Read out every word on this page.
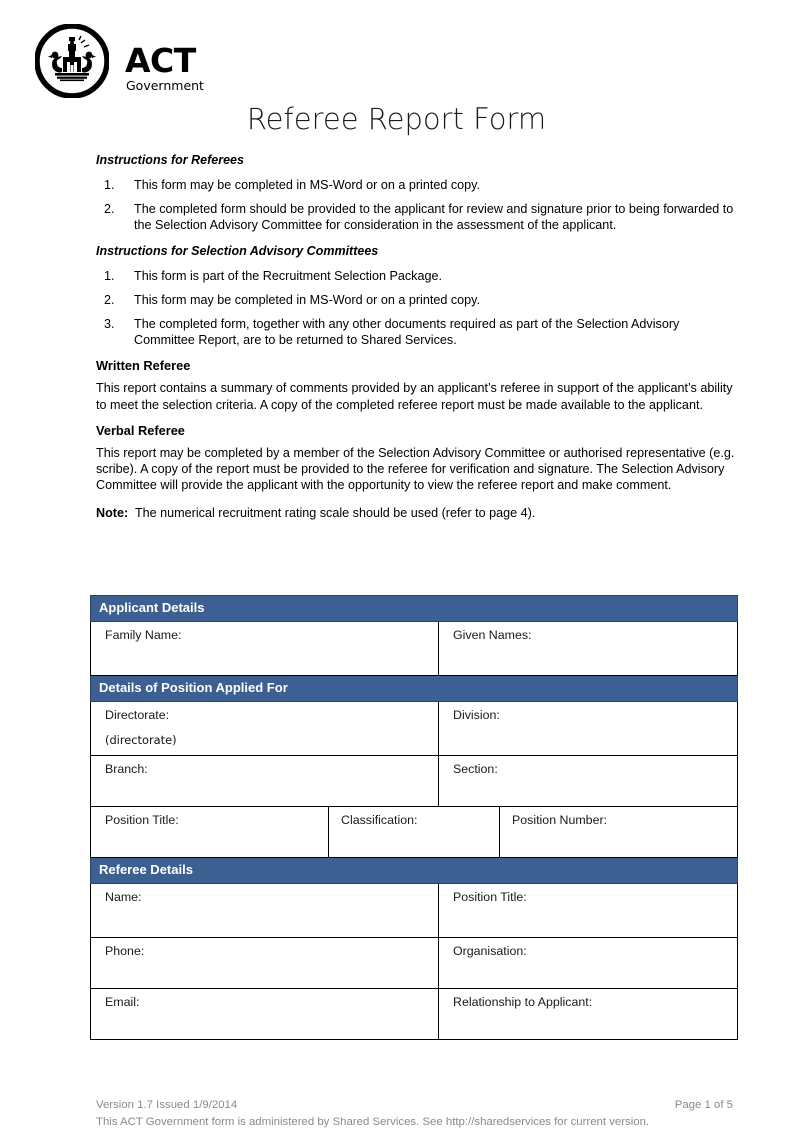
ACT
Government
Referee Report Form

Instructions for Referees

1. This form may be completed in MS-Word or on a printed copy.
2. The completed form should be provided to the applicant for review and signature prior to being forwarded to the Selection Advisory Committee for consideration in the assessment of the applicant.

Instructions for Selection Advisory Committees

1. This form is part of the Recruitment Selection Package.
2. This form may be completed in MS-Word or on a printed copy.
3. The completed form, together with any other documents required as part of the Selection Advisory Committee Report, are to be returned to Shared Services.

Written Referee

This report contains a summary of comments provided by an applicant’s referee in support of the applicant’s ability to meet the selection criteria. A copy of the completed referee report must be made available to the applicant.

Verbal Referee

This report may be completed by a member of the Selection Advisory Committee or authorised representative (e.g. scribe). A copy of the report must be provided to the referee for verification and signature. The Selection Advisory Committee will provide the applicant with the opportunity to view the referee report and make comment.

Note: The numerical recruitment rating scale should be used (refer to page 4).

Applicant Details			
Family Name:		Given Names:	
Details of Position Applied For			
Directorate:
(directorate)		Division:	
Branch:		Section:	
Position Title:	Classification:		Position Number:
Referee Details			
Name:		Position Title:	
Phone:		Organisation:	
Email:		Relationship to Applicant:	
Version 1.7 Issued 1/9/2014	Page 1 of 5
This ACT Government form is administered by Shared Services. See http://sharedservices for current version.
